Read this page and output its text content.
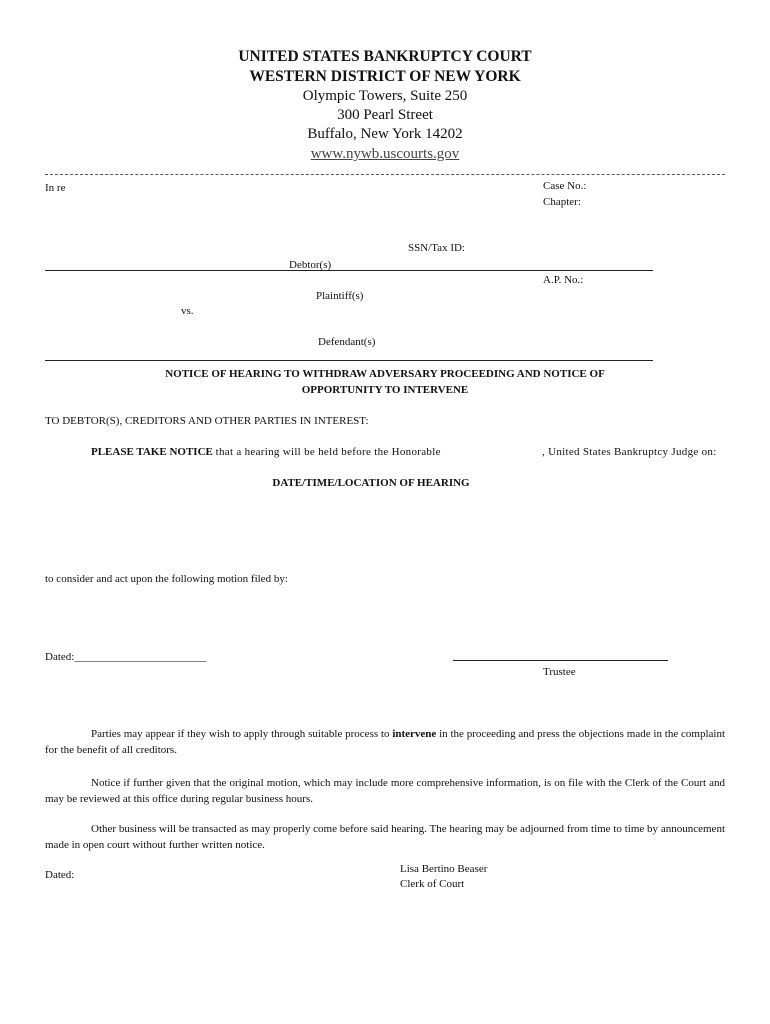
UNITED STATES BANKRUPTCY COURT
WESTERN DISTRICT OF NEW YORK
Olympic Towers, Suite 250
300 Pearl Street
Buffalo, New York 14202
www.nywb.uscourts.gov
In re	Case No.:
Chapter:
SSN/Tax ID:
Debtor(s)
A.P. No.:
Plaintiff(s)
vs.
Defendant(s)
NOTICE OF HEARING TO WITHDRAW ADVERSARY PROCEEDING AND NOTICE OF
OPPORTUNITY TO INTERVENE
TO DEBTOR(S), CREDITORS AND OTHER PARTIES IN INTEREST:
PLEASE TAKE NOTICE that a hearing will be held before the Honorable	, United States Bankruptcy Judge on:
DATE/TIME/LOCATION OF HEARING
to consider and act upon the following motion filed by:
Dated:________________________
Trustee
Parties may appear if they wish to apply through suitable process to intervene in the proceeding and press the objections made in the complaint for the benefit of all creditors.
Notice if further given that the original motion, which may include more comprehensive information, is on file with the Clerk of the Court and may be reviewed at this office during regular business hours.
Other business will be transacted as may properly come before said hearing. The hearing may be adjourned from time to time by announcement made in open court without further written notice.
Dated:	Lisa Bertino Beaser
Clerk of Court
